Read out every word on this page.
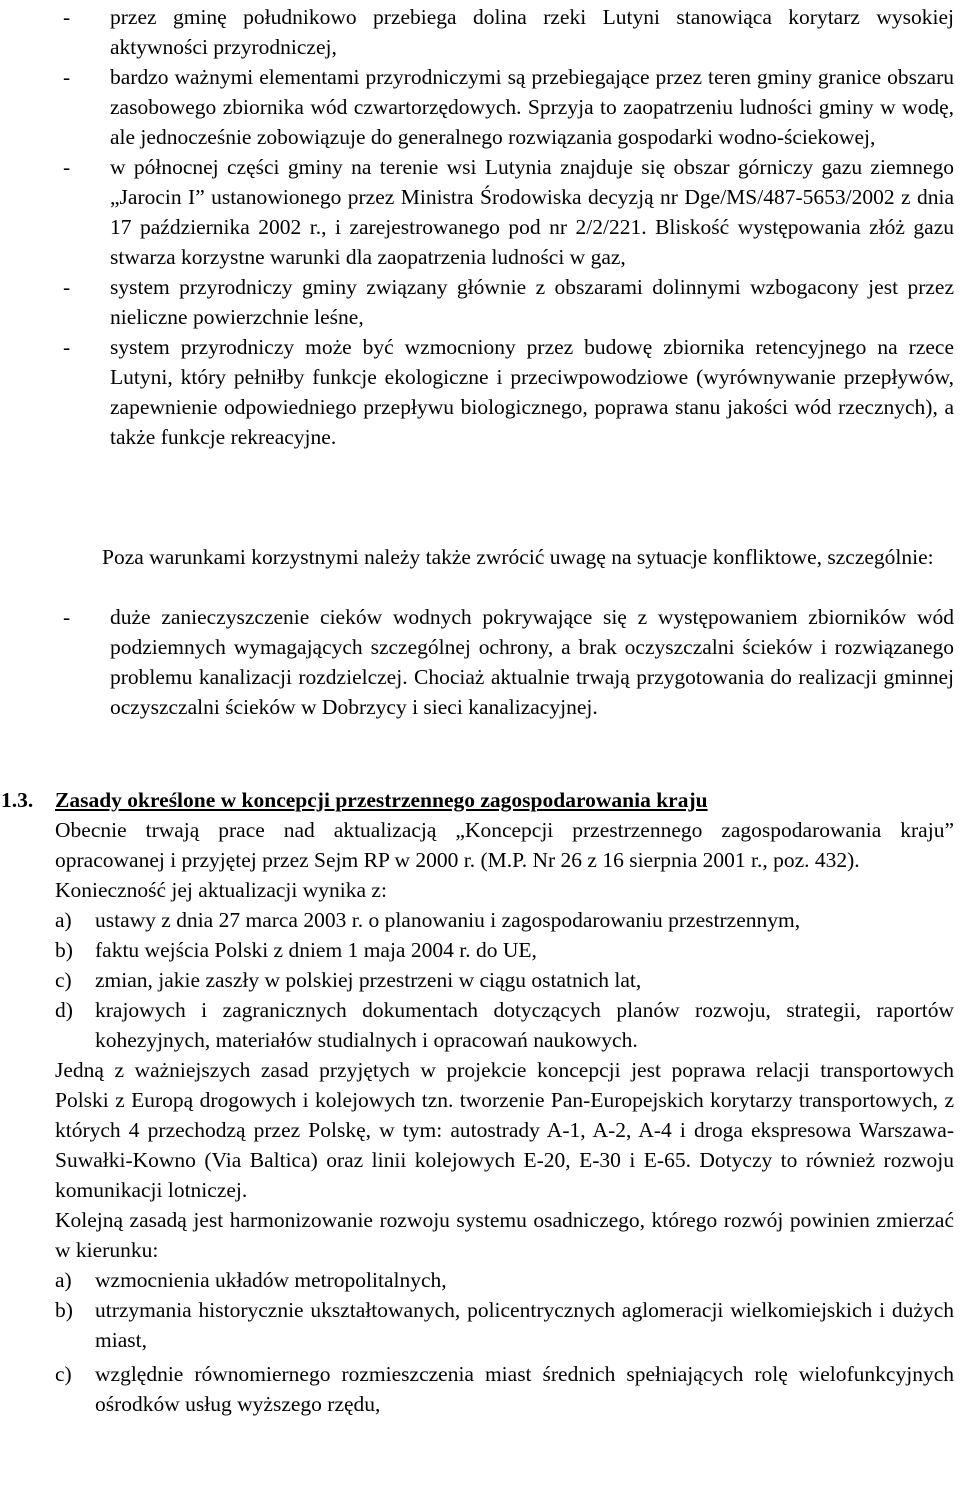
- przez gminę południkowo przebiega dolina rzeki Lutyni stanowiąca korytarz wysokiej aktywności przyrodniczej,
- bardzo ważnymi elementami przyrodniczymi są przebiegające przez teren gminy granice obszaru zasobowego zbiornika wód czwartorzędowych. Sprzyja to zaopatrzeniu ludności gminy w wodę, ale jednocześnie zobowiązuje do generalnego rozwiązania gospodarki wodno-ściekowej,
- w północnej części gminy na terenie wsi Lutynia znajduje się obszar górniczy gazu ziemnego „Jarocin I” ustanowionego przez Ministra Środowiska decyzją nr Dge/MS/487-5653/2002 z dnia 17 października 2002 r., i zarejestrowanego pod nr 2/2/221. Bliskość występowania złóż gazu stwarza korzystne warunki dla zaopatrzenia ludności w gaz,
- system przyrodniczy gminy związany głównie z obszarami dolinnymi wzbogacony jest przez nieliczne powierzchnie leśne,
- system przyrodniczy może być wzmocniony przez budowę zbiornika retencyjnego na rzece Lutyni, który pełniłby funkcje ekologiczne i przeciwpowodziowe (wyrównywanie przepływów, zapewnienie odpowiedniego przepływu biologicznego, poprawa stanu jakości wód rzecznych), a także funkcje rekreacyjne.
Poza warunkami korzystnymi należy także zwrócić uwagę na sytuacje konfliktowe, szczególnie:
- duże zanieczyszczenie cieków wodnych pokrywające się z występowaniem zbiorników wód podziemnych wymagających szczególnej ochrony, a brak oczyszczalni ścieków i rozwiązanego problemu kanalizacji rozdzielczej. Chociaż aktualnie trwają przygotowania do realizacji gminnej oczyszczalni ścieków w Dobrzycy i sieci kanalizacyjnej.
1.3. Zasady określone w koncepcji przestrzennego zagospodarowania kraju

Obecnie trwają prace nad aktualizacją „Koncepcji przestrzennego zagospodarowania kraju” opracowanej i przyjętej przez Sejm RP w 2000 r. (M.P. Nr 26 z 16 sierpnia 2001 r., poz. 432).

Konieczność jej aktualizacji wynika z:

a) ustawy z dnia 27 marca 2003 r. o planowaniu i zagospodarowaniu przestrzennym,
b) faktu wejścia Polski z dniem 1 maja 2004 r. do UE,
c) zmian, jakie zaszły w polskiej przestrzeni w ciągu ostatnich lat,
d) krajowych i zagranicznych dokumentach dotyczących planów rozwoju, strategii, raportów kohezyjnych, materiałów studialnych i opracowań naukowych.

Jedną z ważniejszych zasad przyjętych w projekcie koncepcji jest poprawa relacji transportowych Polski z Europą drogowych i kolejowych tzn. tworzenie Pan-Europejskich korytarzy transportowych, z których 4 przechodzą przez Polskę, w tym: autostrady A-1, A-2, A-4 i droga ekspresowa Warszawa-Suwałki-Kowno (Via Baltica) oraz linii kolejowych E-20, E-30 i E-65. Dotyczy to również rozwoju komunikacji lotniczej.

Kolejną zasadą jest harmonizowanie rozwoju systemu osadniczego, którego rozwój powinien zmierzać w kierunku:

a) wzmocnienia układów metropolitalnych,
b) utrzymania historycznie ukształtowanych, policentrycznych aglomeracji wielkomiejskich i dużych miast,
c) względnie równomiernego rozmieszczenia miast średnich spełniających rolę wielofunkcyjnych ośrodków usług wyższego rzędu,
